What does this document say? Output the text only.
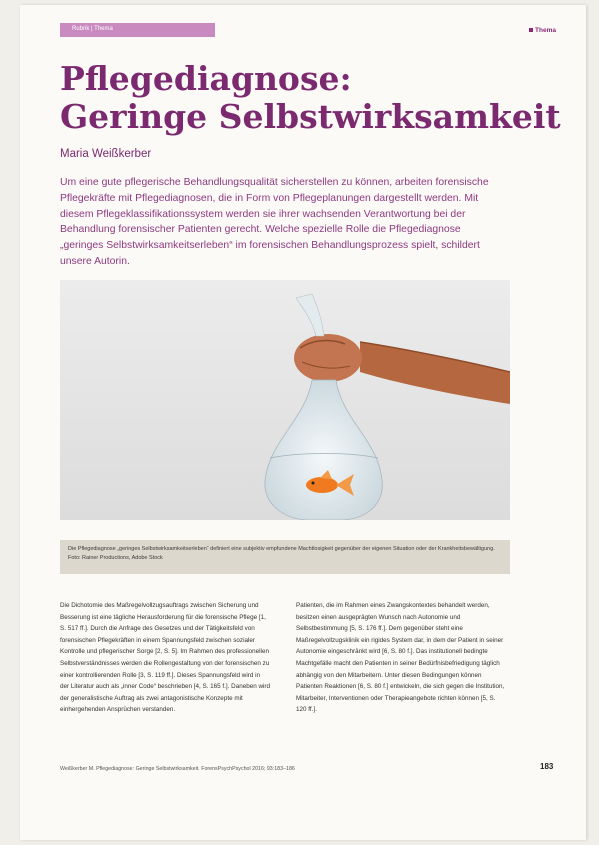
Rubrik | Thema	Thema
Pflegediagnose:
Geringe Selbstwirksamkeit
Maria Weißkerber
Um eine gute pflegerische Behandlungsqualität sicherstellen zu können, arbeiten forensische Pflegekräfte mit Pflegediagnosen, die in Form von Pflegeplanungen dargestellt werden. Mit diesem Pflegeklassifikationssystem werden sie ihrer wachsenden Verantwortung bei der Behandlung forensischer Patienten gerecht. Welche spezielle Rolle die Pflegediagnose „geringes Selbstwirksamkeitserleben“ im forensischen Behandlungsprozess spielt, schildert unsere Autorin.
Die Pflegediagnose „geringes Selbstwirksamkeitserleben“ definiert eine subjektiv empfundene Machtlosigkeit gegenüber der eigenen Situation oder der Krankheitsbewältigung. Foto: Rainer Productions, Adobe Stock
Die Dichotomie des Maßregelvollzugsauftrags zwischen Sicherung und Besserung ist eine tägliche Herausforderung für die forensische Pflege [1, S. 517 ff.]. Durch die Anfrage des Gesetzes und der Tätigkeitsfeld von forensischen Pflegekräften in einem Spannungsfeld zwischen sozialer Kontrolle und pflegerischer Sorge [2, S. 5]. Im Rahmen des professionellen Selbstverständnisses werden die Rollengestaltung von der forensischen zu einer kontrollierenden Rolle [3, S. 119 ff.]. Dieses Spannungsfeld wird in der Literatur auch als „inner Code“ beschrieben [4, S. 165 f.]. Daneben wird der generalistische Auftrag als zwei antagonistische Konzepte mit einhergehenden Ansprüchen verstanden.
Patienten, die im Rahmen eines Zwangskontextes behandelt werden, besitzen einen ausgeprägten Wunsch nach Autonomie und Selbstbestimmung [5, S. 176 ff.]. Dem gegenüber steht eine Maßregelvollzugsklinik ein rigides System dar, in dem der Patient in seiner Autonomie eingeschränkt wird [6, S. 80 f.]. Das institutionell bedingte Machtgefälle macht den Patienten in seiner Bedürfnisbefriedigung täglich abhängig von den Mitarbeitern. Unter diesen Bedingungen können Patienten Reaktionen [6, S. 80 f.] entwickeln, die sich gegen die Institution, Mitarbeiter, Interventionen oder Therapieangebote richten können [5, S. 120 ff.].
Weißkerber M. Pflegediagnose: Geringe Selbstwirksamkeit. ForensPsychPsychol 2016; 93:183–186	183
